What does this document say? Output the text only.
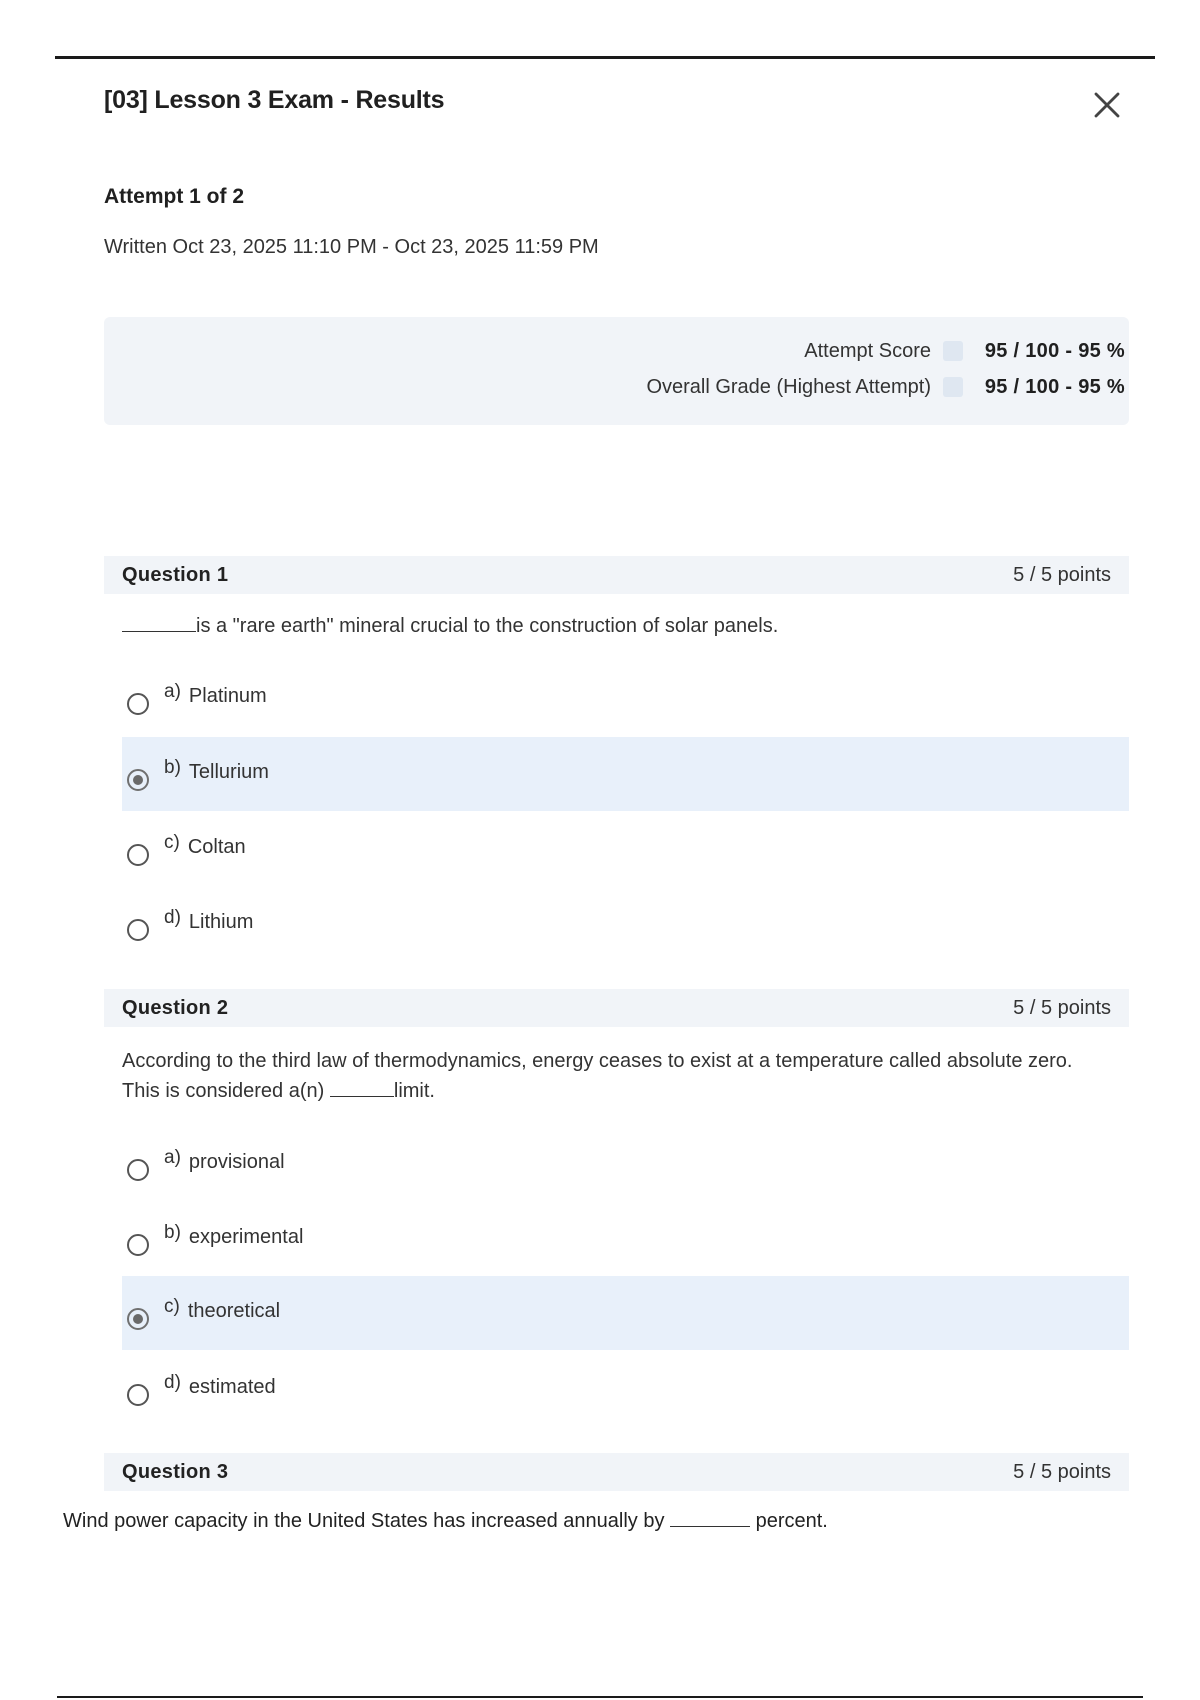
[03] Lesson 3 Exam - Results
Attempt 1 of 2
Written Oct 23, 2025 11:10 PM - Oct 23, 2025 11:59 PM
Attempt Score	95 / 100 - 95 %
Overall Grade (Highest Attempt)	95 / 100 - 95 %
Question 1	5 / 5 points
is a "rare earth" mineral crucial to the construction of solar panels.
a) Platinum
b) Tellurium
c) Coltan
d) Lithium
Question 2	5 / 5 points
According to the third law of thermodynamics, energy ceases to exist at a temperature called absolute zero.
This is considered a(n)	limit.
a) provisional
b) experimental
c) theoretical
d) estimated
Question 3	5 / 5 points
Wind power capacity in the United States has increased annually by	percent.
